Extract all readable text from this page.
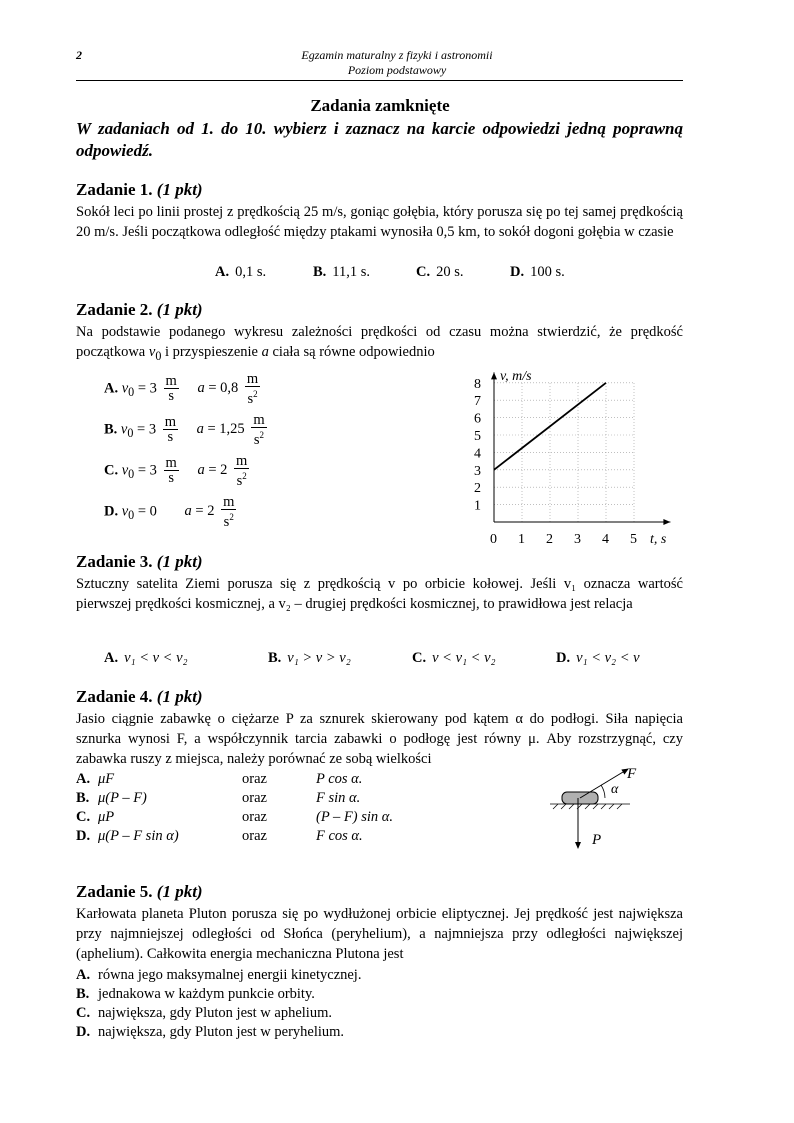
2	Egzamin maturalny z fizyki i astronomii
Poziom podstawowy
Zadania zamknięte
W zadaniach od 1. do 10. wybierz i zaznacz na karcie odpowiedzi jedną poprawną odpowiedź.
Zadanie 1. (1 pkt)
Sokół leci po linii prostej z prędkością 25 m/s, goniąc gołębia, który porusza się po tej samej prędkością 20 m/s. Jeśli początkowa odległość między ptakami wynosiła 0,5 km, to sokół dogoni gołębia w czasie
A. 0,1 s.	B. 11,1 s.	C. 20 s.	D. 100 s.
Zadanie 2. (1 pkt)
Na podstawie podanego wykresu zależności prędkości od czasu można stwierdzić, że prędkość początkowa $v_0$ i przyspieszenie a ciała są równe odpowiednio
A. $v_0 = 3 \frac{m}{s}$ $a = 0,8 \frac{m}{s^2}$
B. $v_0 = 3 \frac{m}{s}$ $a = 1,25 \frac{m}{s^2}$
C. $v_0 = 3 \frac{m}{s}$ $a = 2 \frac{m}{s^2}$
D. $v_0 = 0$ $a = 2 \frac{m}{s^2}$
0 1 2 3 4 5
1
2
3
4
5
6
7
8
v, m/s
t, s
Zadanie 3. (1 pkt)
Sztuczny satelita Ziemi porusza się z prędkością v po orbicie kołowej. Jeśli v₁ oznacza wartość pierwszej prędkości kosmicznej, a v₂ – drugiej prędkości kosmicznej, to prawidłowa jest relacja
A. v₁ < v < v₂	B. v₁ > v > v₂	C. v < v₁ < v₂	D. v₁ < v₂ < v
Zadanie 4. (1 pkt)
Jasio ciągnie zabawkę o ciężarze P za sznurek skierowany pod kątem α do podłogi. Siła napięcia sznurka wynosi F, a współczynnik tarcia zabawki o podłogę jest równy μ. Aby rozstrzygnąć, czy zabawka ruszy z miejsca, należy porównać ze sobą wielkości
A. μF	oraz	P cos α.
B. μ(P – F)	oraz	F sin α.
C. μP	oraz	(P – F) sin α.
D. μ(P – F sin α)	oraz	F cos α.
F
α
P
Zadanie 5. (1 pkt)
Karłowata planeta Pluton porusza się po wydłużonej orbicie eliptycznej. Jej prędkość jest największa przy najmniejszej odległości od Słońca (peryhelium), a najmniejsza przy odległości największej (aphelium). Całkowita energia mechaniczna Plutona jest
A. równa jego maksymalnej energii kinetycznej.
B. jednakowa w każdym punkcie orbity.
C. największa, gdy Pluton jest w aphelium.
D. największa, gdy Pluton jest w peryhelium.
